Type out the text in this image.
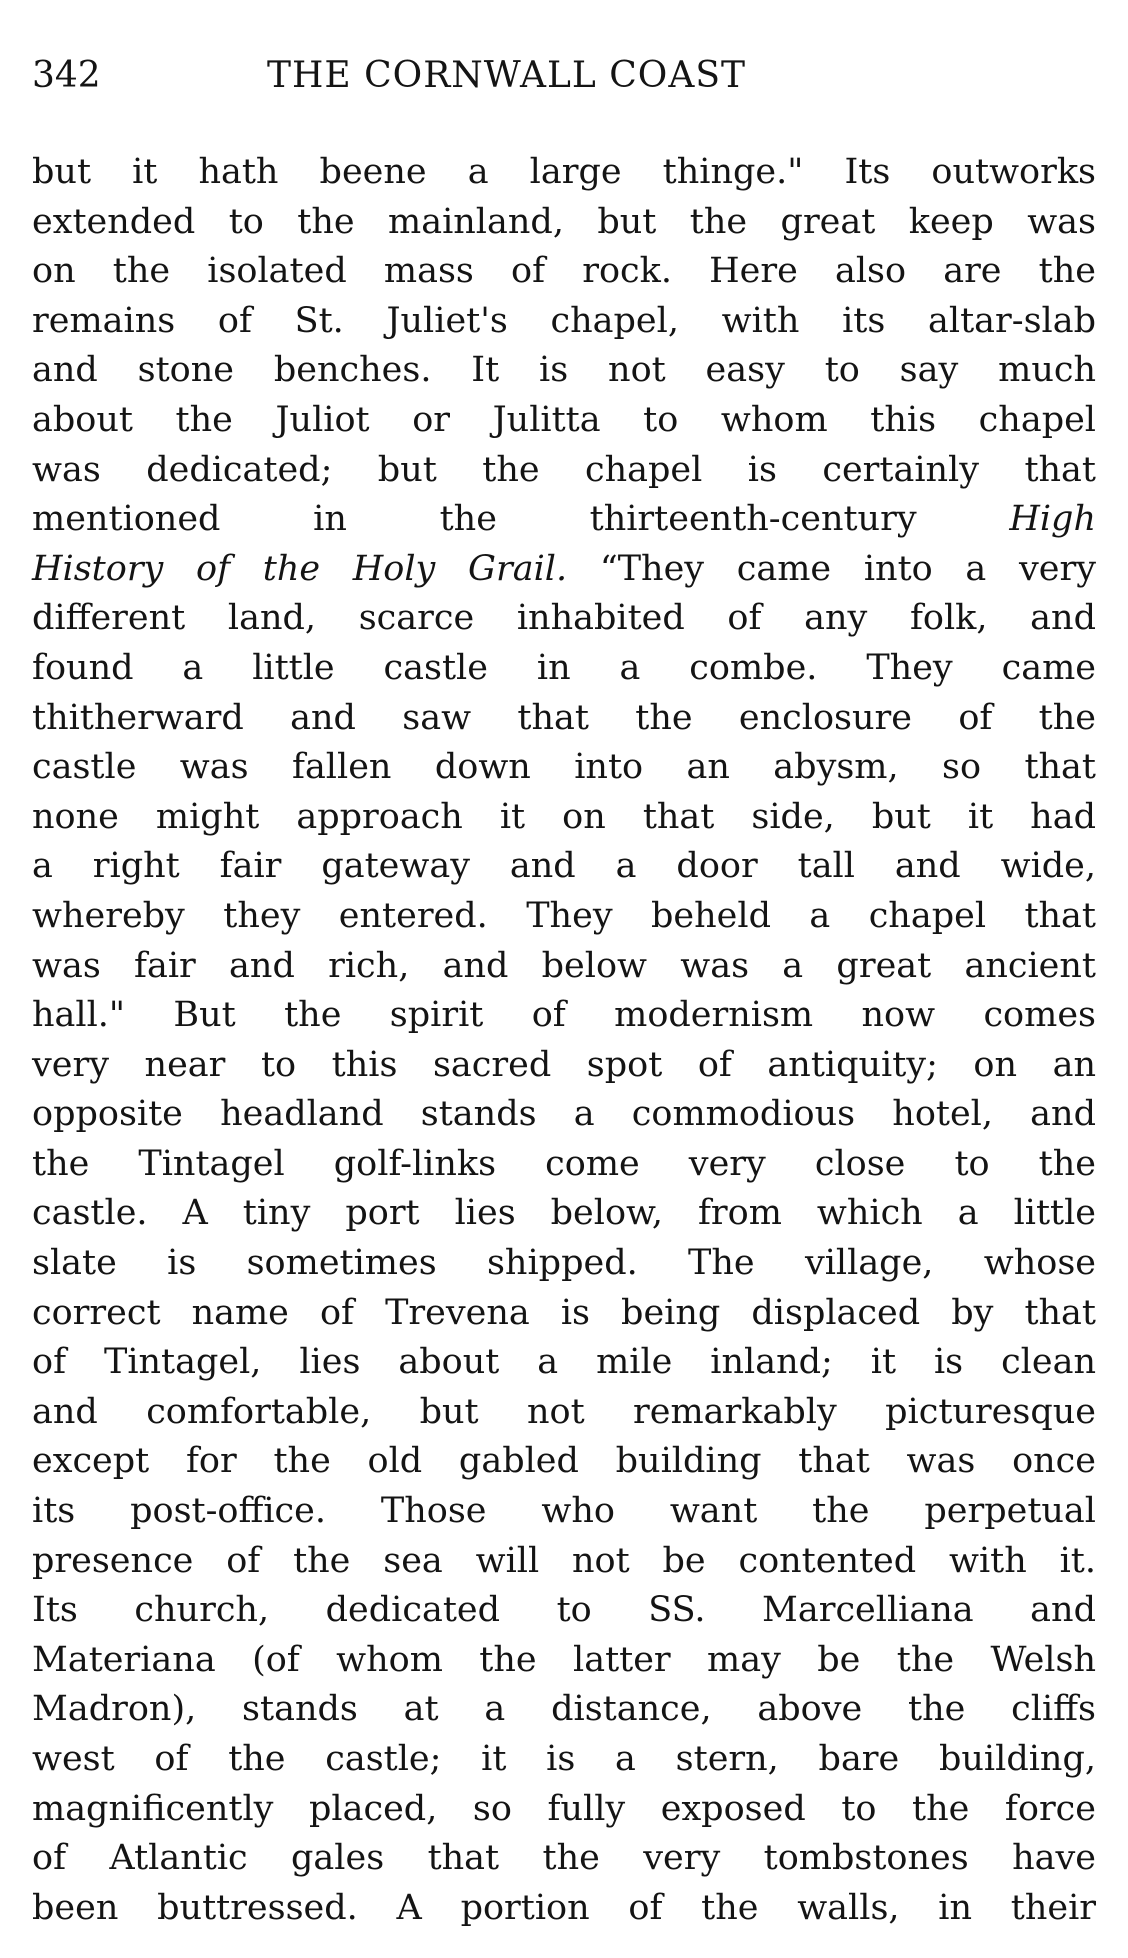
342	THE CORNWALL COAST
but it hath beene a large thinge." Its outworks
extended to the mainland, but the great keep was
on the isolated mass of rock. Here also are the
remains of St. Juliet's chapel, with its altar-slab
and stone benches. It is not easy to say much
about the Juliot or Julitta to whom this chapel
was dedicated; but the chapel is certainly that
mentioned in the thirteenth-century	High
History of the Holy Grail. “They came into a very
different land, scarce inhabited of any folk, and
found a little castle in a combe. They came
thitherward and saw that the enclosure of the
castle was fallen down into an abysm, so that
none might approach it on that side, but it had
a right fair gateway and a door tall and wide,
whereby they entered. They beheld a chapel that
was fair and rich, and below was a great ancient
hall." But the spirit of modernism now comes
very near to this sacred spot of antiquity; on an
opposite headland stands a commodious hotel, and
the Tintagel golf-links come very close to the
castle. A tiny port lies below, from which a little
slate is sometimes shipped. The village, whose
correct name of Trevena is being displaced by that
of Tintagel, lies about a mile inland; it is clean
and comfortable, but not remarkably picturesque
except for the old gabled building that was once
its post-office. Those who want the perpetual
presence of the sea will not be contented with it.
Its church, dedicated to SS. Marcelliana and
Materiana (of whom the latter may be the Welsh
Madron), stands at a distance, above the cliffs
west of the castle; it is a stern, bare building,
magnificently placed, so fully exposed to the force
of Atlantic gales that the very tombstones have
been buttressed. A portion of the walls, in their
